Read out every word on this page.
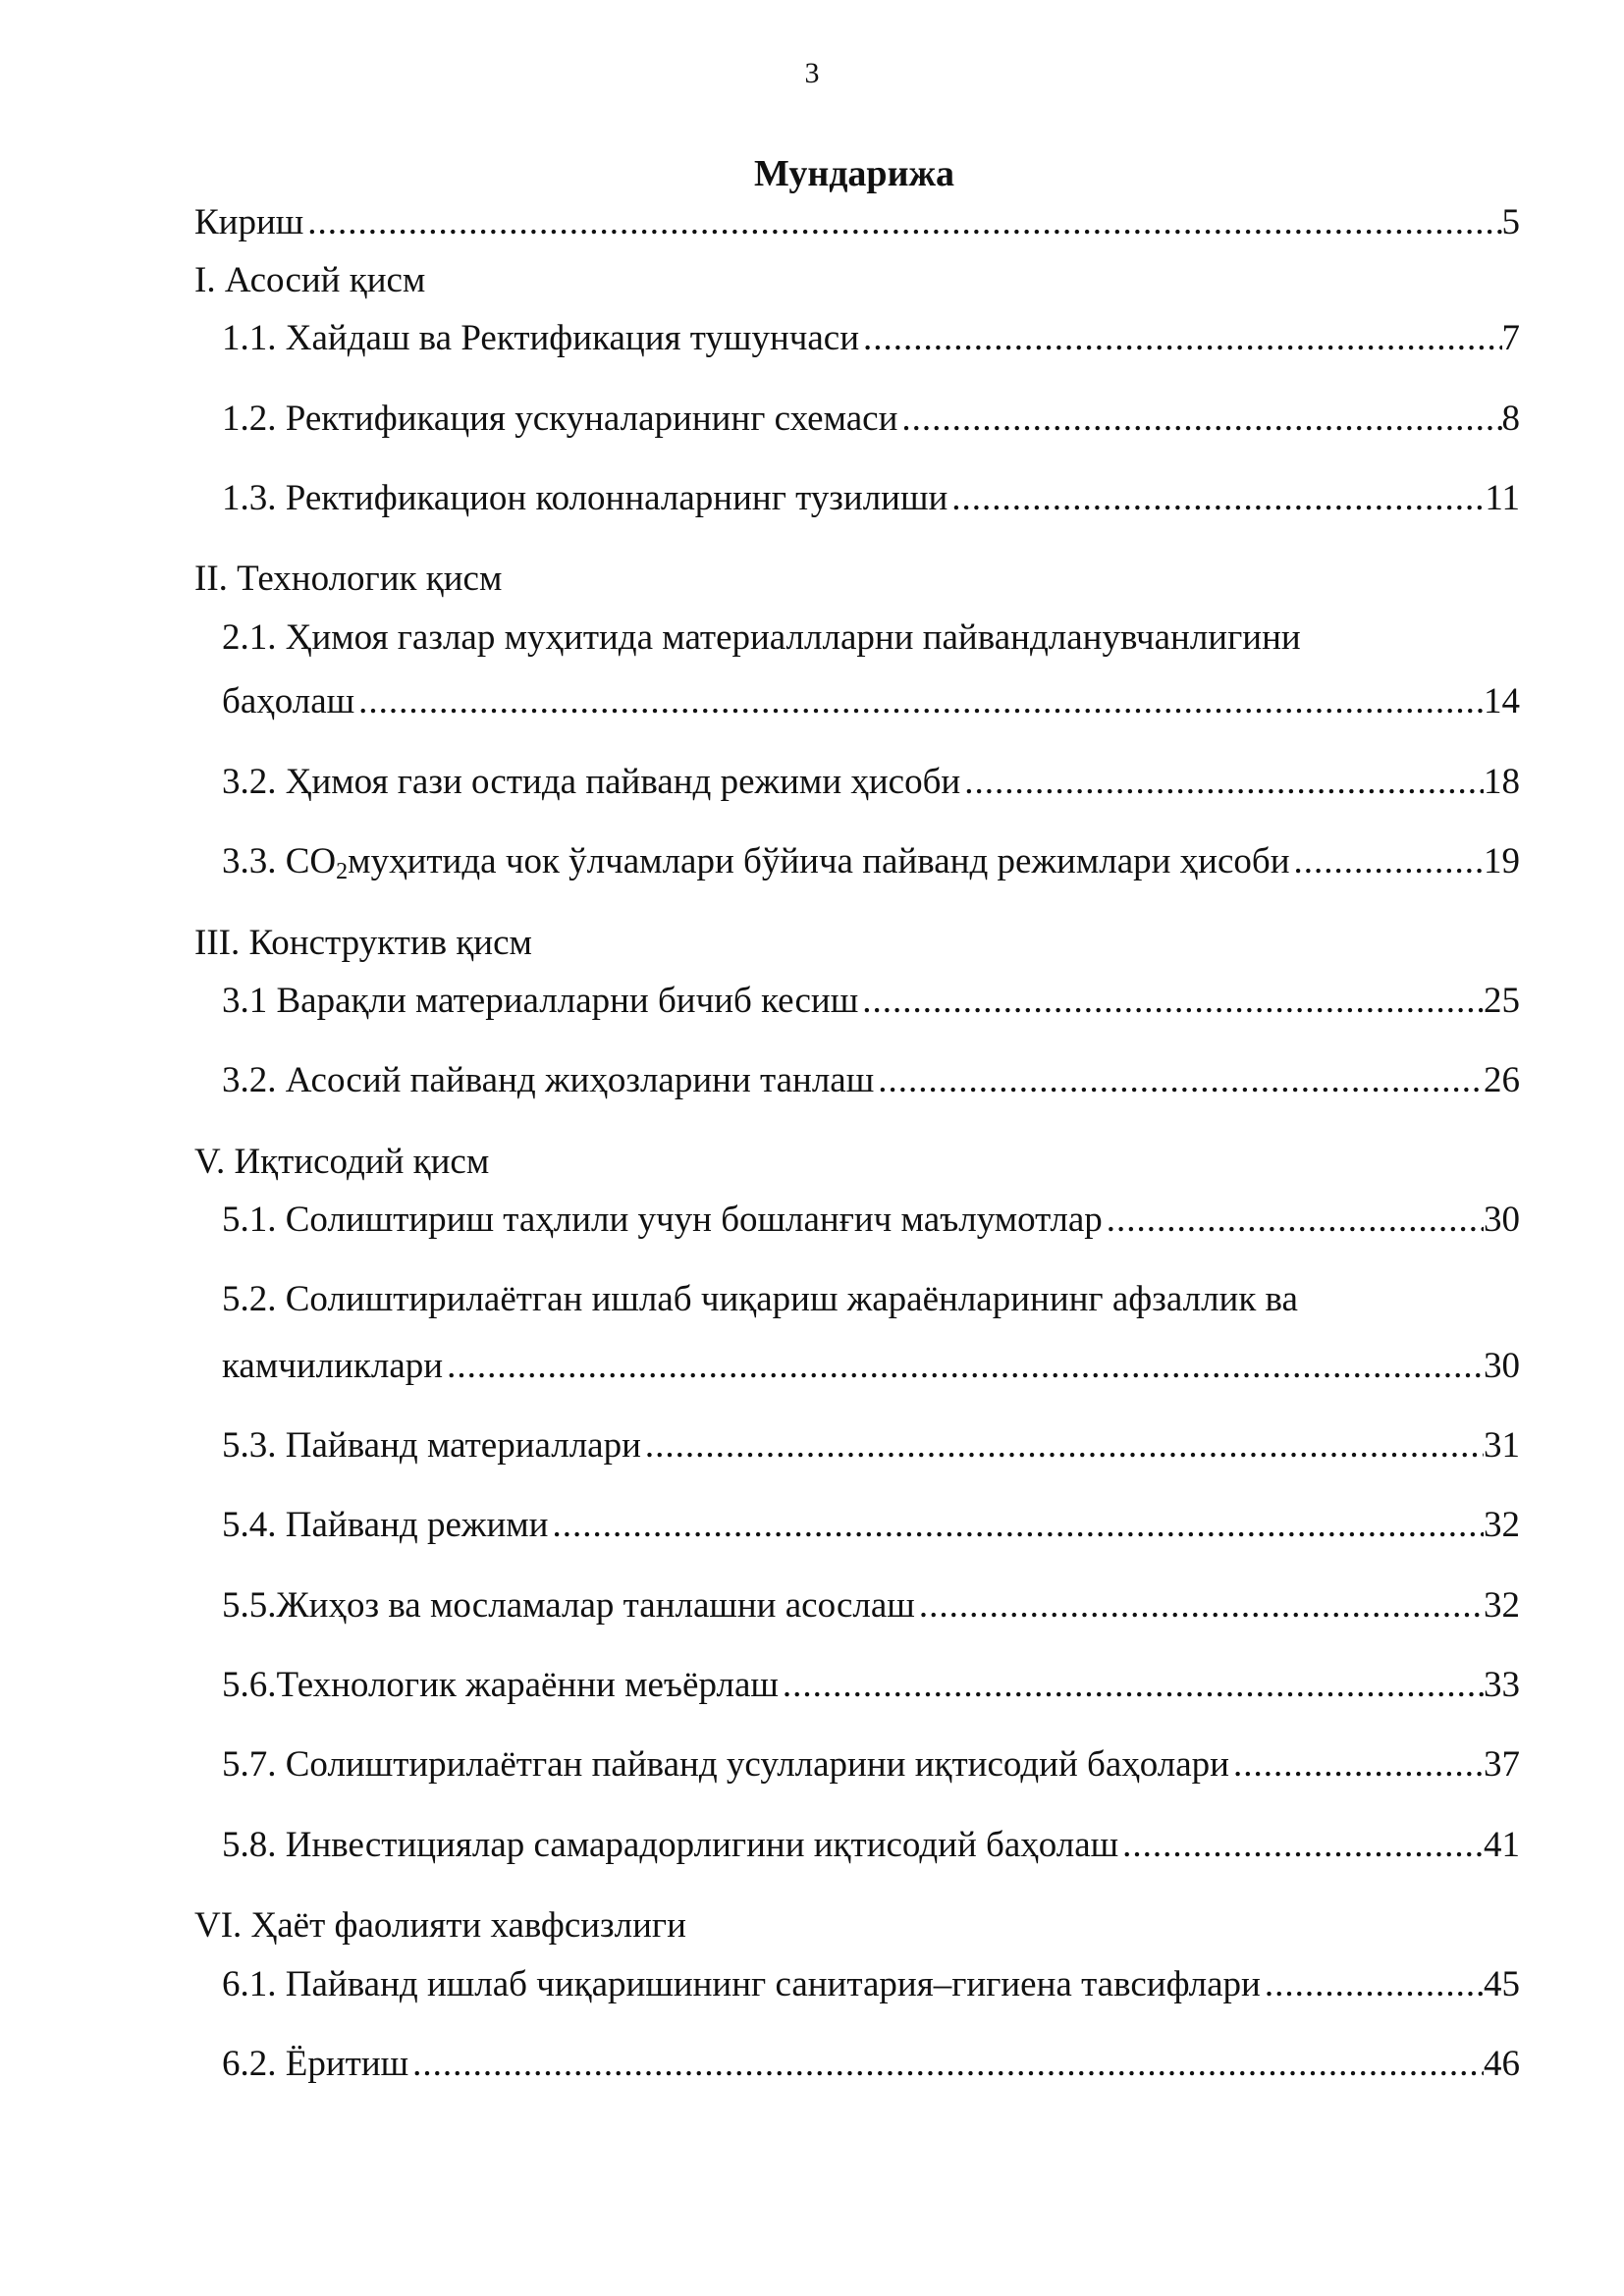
3
Мундарижа
Кириш .....	5
I. Асосий қисм
1.1. Хайдаш ва Ректификация тушунчаси .....	7
1.2. Ректификация ускуналарининг схемаси .....	8
1.3. Ректификацион колонналарнинг тузилиши .....	11
II. Технологик қисм
2.1. Ҳимоя газлар муҳитида материаллларни пайвандланувчанлигини
баҳолаш .....	14
3.2. Ҳимоя гази остида пайванд режими ҳисоби .....	18
3.3. CO2муҳитида чок ўлчамлари бўйича пайванд режимлари ҳисоби .....	19
III. Конструктив қисм
3.1 Варақли материалларни бичиб кесиш .....	25
3.2. Асосий пайванд жиҳозларини танлаш .....	26
V. Иқтисодий қисм
5.1. Солиштириш таҳлили учун бошланғич маълумотлар .....	30
5.2. Солиштирилаётган ишлаб чиқариш жараёнларининг афзаллик ва
камчиликлари .....	30
5.3. Пайванд материаллари .....	31
5.4. Пайванд режими .....	32
5.5.Жиҳоз ва мосламалар танлашни асослаш .....	32
5.6.Технологик жараённи меъёрлаш .....	33
5.7. Солиштирилаётган пайванд усулларини иқтисодий баҳолари .....	37
5.8. Инвестициялар самарадорлигини иқтисодий баҳолаш .....	41
VI. Ҳаёт фаолияти хавфсизлиги
6.1. Пайванд ишлаб чиқаришининг санитария–гигиена тавсифлари .....	45
6.2. Ёритиш .....	46
